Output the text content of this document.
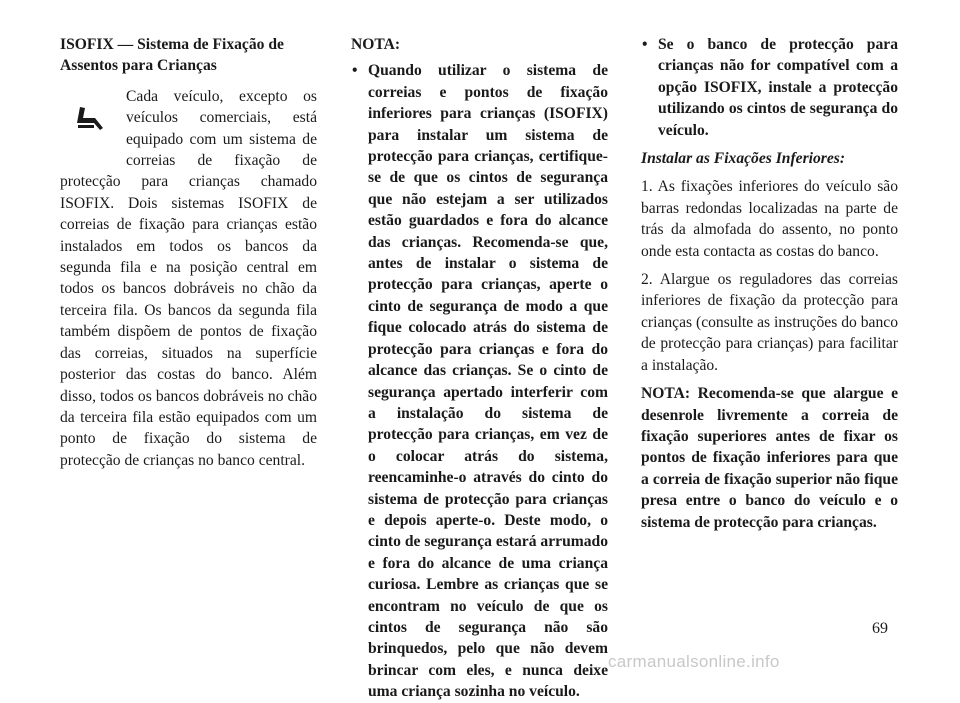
ISOFIX — Sistema de Fixação de Assentos para Crianças

Cada veículo, excepto os veículos comerciais, está equipado com um sistema de correias de fixação de protecção para crianças chamado ISOFIX. Dois sistemas ISOFIX de correias de fixação para crianças estão instalados em todos os bancos da segunda fila e na posição central em todos os bancos dobráveis no chão da terceira fila. Os bancos da segunda fila também dispõem de pontos de fixação das correias, situados na superfície posterior das costas do banco. Além disso, todos os bancos dobráveis no chão da terceira fila estão equipados com um ponto de fixação do sistema de protecção de crianças no banco central.

NOTA:
• Quando utilizar o sistema de correias e pontos de fixação inferiores para crianças (ISOFIX) para instalar um sistema de protecção para crianças, certifique-se de que os cintos de segurança que não estejam a ser utilizados estão guardados e fora do alcance das crianças. Recomenda-se que, antes de instalar o sistema de protecção para crianças, aperte o cinto de segurança de modo a que fique colocado atrás do sistema de protecção para crianças e fora do alcance das crianças. Se o cinto de segurança apertado interferir com a instalação do sistema de protecção para crianças, em vez de o colocar atrás do sistema, reencaminhe-o através do cinto do sistema de protecção para crianças e depois aperte-o. Deste modo, o cinto de segurança estará arrumado e fora do alcance de uma criança curiosa. Lembre as crianças que se encontram no veículo de que os cintos de segurança não são brinquedos, pelo que não devem brincar com eles, e nunca deixe uma criança sozinha no veículo.

• Se o banco de protecção para crianças não for compatível com a opção ISOFIX, instale a protecção utilizando os cintos de segurança do veículo.

Instalar as Fixações Inferiores:

1. As fixações inferiores do veículo são barras redondas localizadas na parte de trás da almofada do assento, no ponto onde esta contacta as costas do banco.

2. Alargue os reguladores das correias inferiores de fixação da protecção para crianças (consulte as instruções do banco de protecção para crianças) para facilitar a instalação.

NOTA: Recomenda-se que alargue e desenrole livremente a correia de fixação superiores antes de fixar os pontos de fixação inferiores para que a correia de fixação superior não fique presa entre o banco do veículo e o sistema de protecção para crianças.

69
carmanualsonline.info
